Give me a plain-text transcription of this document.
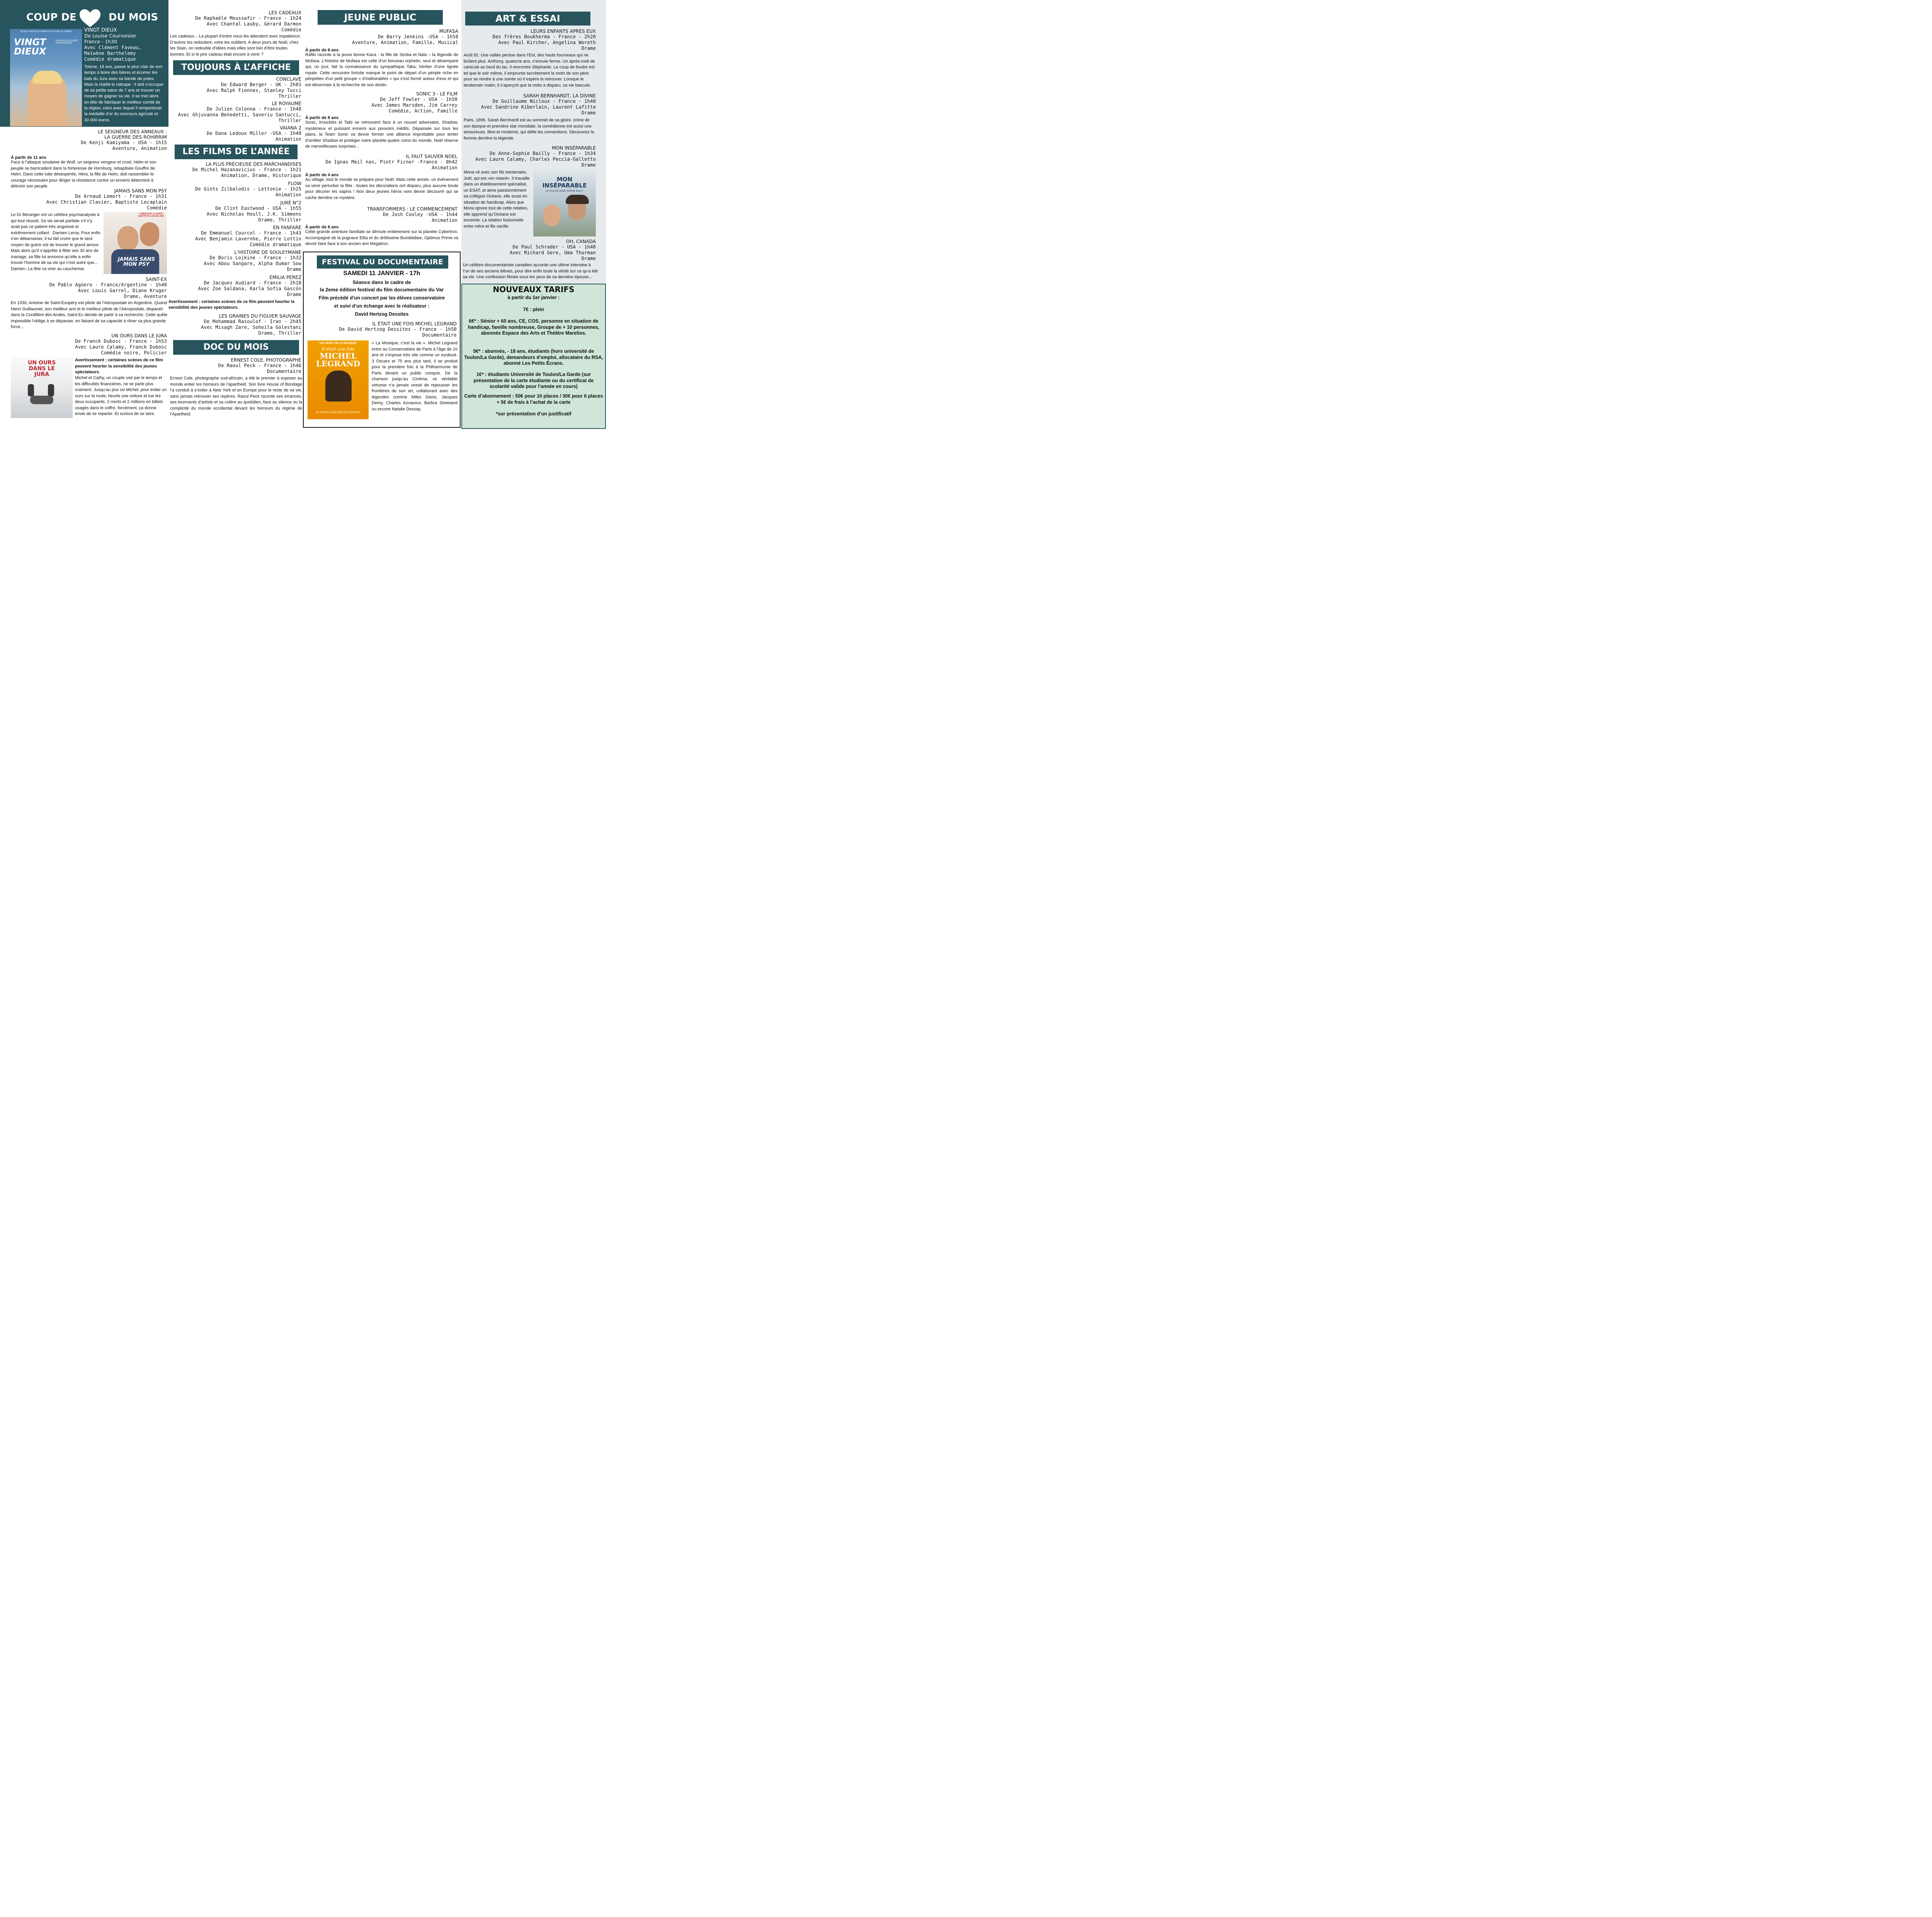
COUP DE	DU MOIS
"UN DES COUPS DE FOUDRE DU FESTIVAL DE CANNES"
VINGT DIEUX
UN FILM DE LOUISE COURVOISIER
VINGT DIEUX
De Louise Courvoisier
France - 1h30
Avec Clément Faveau,
Maïwène Barthelemy
Comédie dramatique
Totone, 18 ans, passe le plus clair de son temps à boire des bières et écumer les bals du Jura avec sa bande de potes. Mais la réalité le rattrape : il doit s’occuper de sa petite sœur de 7 ans et trouver un moyen de gagner sa vie. Il se met alors en tête de fabriquer le meilleur comté de la région, celui avec lequel il remporterait la médaille d’or du concours agricole et 30 000 euros.
LE SEIGNEUR DES ANNEAUX :
LA GUERRE DES ROHIRRIM
De Kenji Kamiyama - USA - 1h15
Aventure, Animation
À partir de 11 ans
Face à l’attaque soudaine de Wulf, un seigneur vengeur et cruel, Helm et son peuple se barricadent dans la forteresse de Hornburg, rebaptisée Gouffre de Helm. Dans cette lutte désespérée, Héra, la fille de Helm, doit rassembler le courage nécessaire pour diriger la résistance contre un ennemi déterminé à détruire son peuple.
JAMAIS SANS MON PSY
De Arnaud Lemort - France - 1h31
Avec Christian Clavier, Baptiste Lecaplain
Comédie
Le Dr Béranger est un célèbre psychanalyste à qui tout réussit. Sa vie serait parfaite s’il n’y avait pas ce patient très angoissé et extrêmement collant : Damien Leroy. Pour enfin s’en débarrasser, il lui fait croire que le seul moyen de guérir est de trouver le grand amour. Mais alors qu’il s’apprête à fêter ses 30 ans de mariage, sa fille lui annonce qu’elle a enfin trouvé l’homme de sa vie qui n’est autre que... Damien. La fête va virer au cauchemar.
CHRISTIAN CLAVIER BAPTISTE LECAPLAIN
JAMAIS SANS MON PSY
SAINT-EX
De Pablo Agüero - France/Argentine - 1h40
Avec Louis Garrel, Diane Kruger
Drame, Aventure
En 1930, Antoine de Saint-Exupéry est pilote de l’Aéropostale en Argentine. Quand Henri Guillaumet, son meilleur ami et le meilleur pilote de l’Aéropostale, disparaît dans la Cordillère des Andes, Saint-Ex décide de partir à sa recherche. Cette quête impossible l’oblige à se dépasser, en faisant de sa capacité à rêver sa plus grande force...
UN OURS DANS LE JURA
De Franck Dubosc - France - 1h53
Avec Laure Calamy, Franck Dubosc
Comédie noire, Policier
UN OURS DANS LE JURA
Avertissement : certaines scènes de ce film peuvent heurter la sensibilité des jeunes spéctateurs.
Michel et Cathy, un couple usé par le temps et les difficultés financières, ne se parle plus vraiment. Jusqu’au jour où Michel, pour éviter un ours sur la route, heurte une voiture et tue les deux occupants. 2 morts et 2 millions en billets usagés dans le coffre, forcément, ça donne envie de se reparler. Et surtout de se taire.
LES CADEAUX
De Raphaële Moussafir - France - 1h24
Avec Chantal Lauby, Gérard Darmon
Comédie
Les cadeaux... La plupart d’entre nous les attendent avec impatience. D’autres les redoutent, voire les oublient. A deux jours de Noël, chez les Stain, on redouble d’idées mais elles sont loin d’être toutes bonnes. Et si le pire cadeau était encore à venir ?
TOUJOURS À L’AFFICHE
CONCLAVE
De Edward Berger - UK - 2h01
Avec Ralph Fiennes, Stanley Tucci
Thriller
LE ROYAUME
De Julien Colonna - France - 1h48
Avec Ghjuvanna Benedetti, Saveriu Santucci,
Thriller
VAIANA 2
De Dana Ledoux Miller -USA - 1h40
Animation
LES FILMS DE L’ANNÉE
LA PLUS PRÉCIEUSE DES MARCHANDISES
De Michel Hazanavicius - France - 1h21
Animation, Drame, Historique
FLOW
De Gints Zilbalodis - Lettonie - 1h25
Animation
JURÉ N°2
De Clint Eastwood - USA - 1h55
Avec Nicholas Hoult, J.K. Simmons
Drame, Thriller
EN FANFARE
De Emmanuel Courcol - France - 1h43
Avec Benjamin Lavernhe, Pierre Lottin
Comédie dramatique
L’HISTOIRE DE SOULEYMANE
De Boris Lojkine - France - 1h32
Avec Abou Sangare, Alpha Oumar Sow
Drame
EMILIA PEREZ
De Jacques Audiard - France - 2h10
Avec Zoe Saldana, Karla Sofía Gascón
Drame
Avertissement : certaines scénes de ce film peuvent heurter la sensibilité des jeunes spéctateurs.
LES GRAINES DU FIGUIER SAUVAGE
De Mohammad Rasoulof - Iran - 2h45
Avec Misagh Zare, Soheila Golestani
Drame, Thriller
DOC DU MOIS
ERNEST COLE, PHOTOGRAPHE
De Raoul Peck - France - 1h46
Documentaire
Ernest Cole, photographe sud-africain, a été le premier à exposer au monde entier les horreurs de l’apartheid. Son livre House of Bondage l’a conduit à s’exiler à New York et en Europe pour le reste de sa vie, sans jamais retrouver ses repères. Raoul Peck raconte ses errances, ses tourments d’artiste et sa colère au quotidien, face au silence ou la complicité du monde occidental devant les horreurs du régime de l’Apartheid.
JEUNE PUBLIC
MUFASA
De Barry Jenkins -USA - 1h58
Aventure, Animation, Famille, Musical
À partir de 8 ans
Rafiki raconte à la jeune lionne Kiara - la fille de Simba et Nala – la légende de Mufasa. L’histoire de Mufasa est celle d’un lionceau orphelin, seul et désemparé qui, un jour, fait la connaissance du sympathique Taka, héritier d’une lignée royale. Cette rencontre fortuite marque le point de départ d’un périple riche en péripéties d’un petit groupe « d’indésirables » qui s’est formé autour d’eux et qui est désormais à la recherche de son destin.
SONIC 3 - LE FILM
De Jeff Fowler - USA - 1h50
Avec James Marsden, Jim Carrey
Comédie, Action, Famille
À partir de 8 ans
Sonic, Knuckles et Tails se retrouvent face à un nouvel adversaire, Shadow, mystérieux et puissant ennemi aux pouvoirs inédits. Dépassée sur tous les plans, la Team Sonic va devoir former une alliance improbable pour tenter d’arrêter Shadow et protéger notre planète.quatre coins du monde, Noël réserve de merveilleuses surprises...
IL FAUT SAUVER NOEL
De Ignas Meil nas, Piotr Ficner -France - 0h42
Animation
À partir de 4 ans
Au village, tout le monde se prépare pour Noël. Mais cette année, un évènement va venir perturber la fête : toutes les décorations ont disparu, plus aucune boule pour décorer les sapins ! Nos deux jeunes héros vont devoir découvrir qui se cache derrière ce mystère.
TRANSFORMERS : LE COMMENCEMENT
De Josh Cooley -USA - 1h44
Animation
À partir de 8 ans
Cette grande aventure familiale se déroule entièrement sur la planète Cybertron. Accompagné de la pugnace Elita et du drôlissime Bumblebee, Optimus Prime va devoir faire face à son ancien ami Megatron.
FESTIVAL DU DOCUMENTAIRE
SAMEDI 11 JANVIER - 17h
Séance dans le cadre de
la 2eme édition festival du film documentaire du Var
Film précédé d’un concert par les éléves conservatoire
et suivi d’un échange avec le réalisateur :
David Hertzog Dessites
IL ÉTAIT UNE FOIS MICHEL LEGRAND
De David Hertzog Dessites - France - 1h50
Documentaire
"UN GÉANT DE LA MUSIQUE"
Il était une fois
MICHEL
LEGRAND
UN FILM DE DAVID HERTZOG DESSITES
« La Musique, c’est la vie ». Michel Legrand entre au Conservatoire de Paris à l’âge de 10 ans et s’impose très vite comme un surdoué. 3 Oscars et 75 ans plus tard, il se produit pour la première fois à la Philharmonie de Paris devant un public conquis. De la chanson jusqu’au Cinéma, ce véritable virtuose n’a jamais cessé de repousser les frontières de son art, collaborant avec des légendes comme Miles Davis, Jacques Demy, Charles Aznavour, Barbra Streisand ou encore Natalie Dessay.
ART & ESSAI
LEURS ENFANTS APRÈS EUX
Des frères Boukherma - France - 2h20
Avec Paul Kircher, Angelina Woreth
Drame
Août 92. Une vallée perdue dans l’Est, des hauts fourneaux qui ne brûlent plus. Anthony, quatorze ans, s’ennuie ferme. Un après-midi de canicule au bord du lac, il rencontre Stéphanie. Le coup de foudre est tel que le soir même, il emprunte secrètement la moto de son père pour se rendre à une soirée où il espère la retrouver. Lorsque le lendemain matin, il s’aperçoit que la moto a disparu, sa vie bascule.
SARAH BERNHARDT, LA DIVINE
De Guillaume Nicloux - France - 1h40
Avec Sandrine Kiberlain, Laurent Lafitte
Drame
Paris, 1896. Sarah Bernhardt est au sommet de sa gloire. Icône de son époque et première star mondiale, la comédienne est aussi une amoureuse, libre et moderne, qui défie les conventions. Découvrez la femme derrière la légende.
MON INSÉPARABLE
De Anne-Sophie Bailly - France - 1h34
Avec Laure Calamy, Charles Peccia-Galletto
Drame
Mona vit avec son fils trentenaire, Joël, qui est «en retard». Il travaille dans un établissement spécialisé, un ESAT, et aime passionnément sa collègue Océane, elle aussi en situation de handicap. Alors que Mona ignore tout de cette relation, elle apprend qu’Océane est enceinte. La relation fusionnelle entre mère et fils vacille.
MON INSÉPARABLE
UN FILM DE ANNE-SOPHIE BAILLY
OH, CANADA
De Paul Schrader - USA - 1h40
Avec Richard Gere, Uma Thurman
Drame
Un célèbre documentariste canadien accorde une ultime interview à l’un de ses anciens élèves, pour dire enfin toute la vérité sur ce qu’a été sa vie. Une confession filmée sous les yeux de sa dernière épouse...
NOUVEAUX TARIFS
à partir du 1er janvier :
7€ : plein
6€* : Sénior + 60 ans, CE, COS, personne en situation de handicap, famille nombreuse, Groupe de + 10 personnes, abonnés Espace des Arts et Théâtre Marelios.
5€* : abonnés, - 18 ans, étudiants (hors université de Toulon/La Garde), demandeurs d’emploi, allocataire du RSA, abonné Les Petits Écrans.
1€* : étudiants Université de Toulon/La Garde (sur présentation de la carte étudiante ou du certificat de scolarité valide pour l’année en cours)
Carte d’abonnement : 50€ pour 10 places / 30€ pour 6 places + 5€ de frais à l’achat de la carte
*sur présentation d’un justificatif
